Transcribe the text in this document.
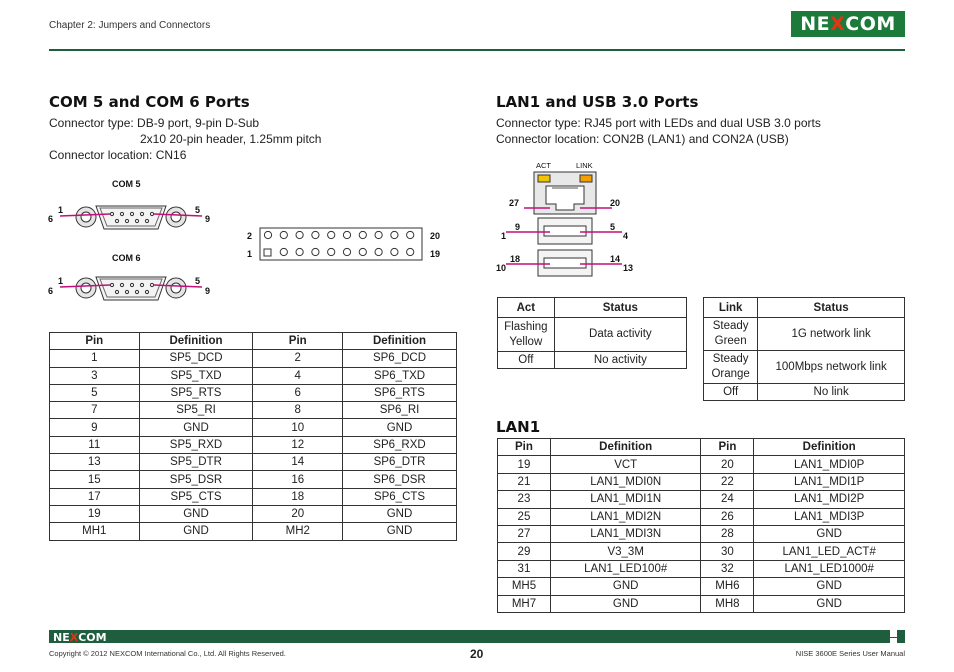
Chapter 2: Jumpers and Connectors	NEXCOM
COM 5 and COM 6 Ports
Connector type: DB-9 port, 9-pin D-Sub
2x10 20-pin header, 1.25mm pitch
Connector location: CN16
COM 5
1
6
5
9
COM 6
1
6
5
9
2
1
20
19
Pin	Definition	Pin	Definition
1	SP5_DCD	2	SP6_DCD
3	SP5_TXD	4	SP6_TXD
5	SP5_RTS	6	SP6_RTS
7	SP5_RI	8	SP6_RI
9	GND	10	GND
11	SP5_RXD	12	SP6_RXD
13	SP5_DTR	14	SP6_DTR
15	SP5_DSR	16	SP6_DSR
17	SP5_CTS	18	SP6_CTS
19	GND	20	GND
MH1	GND	MH2	GND
LAN1 and USB 3.0 Ports
Connector type: RJ45 port with LEDs and dual USB 3.0 ports
Connector location: CON2B (LAN1) and CON2A (USB)
ACT	LINK
27	20
9	5
1	4
18	14
10	13
Act	Status
Flashing Yellow	Data activity
Off	No activity
Link	Status
Steady Green	1G network link
Steady Orange	100Mbps network link
Off	No link
LAN1
Pin	Definition	Pin	Definition
19	VCT	20	LAN1_MDI0P
21	LAN1_MDI0N	22	LAN1_MDI1P
23	LAN1_MDI1N	24	LAN1_MDI2P
25	LAN1_MDI2N	26	LAN1_MDI3P
27	LAN1_MDI3N	28	GND
29	V3_3M	30	LAN1_LED_ACT#
31	LAN1_LED100#	32	LAN1_LED1000#
MH5	GND	MH6	GND
MH7	GND	MH8	GND
NEXCOM
Copyright © 2012 NEXCOM International Co., Ltd. All Rights Reserved.	20	NISE 3600E Series User Manual
